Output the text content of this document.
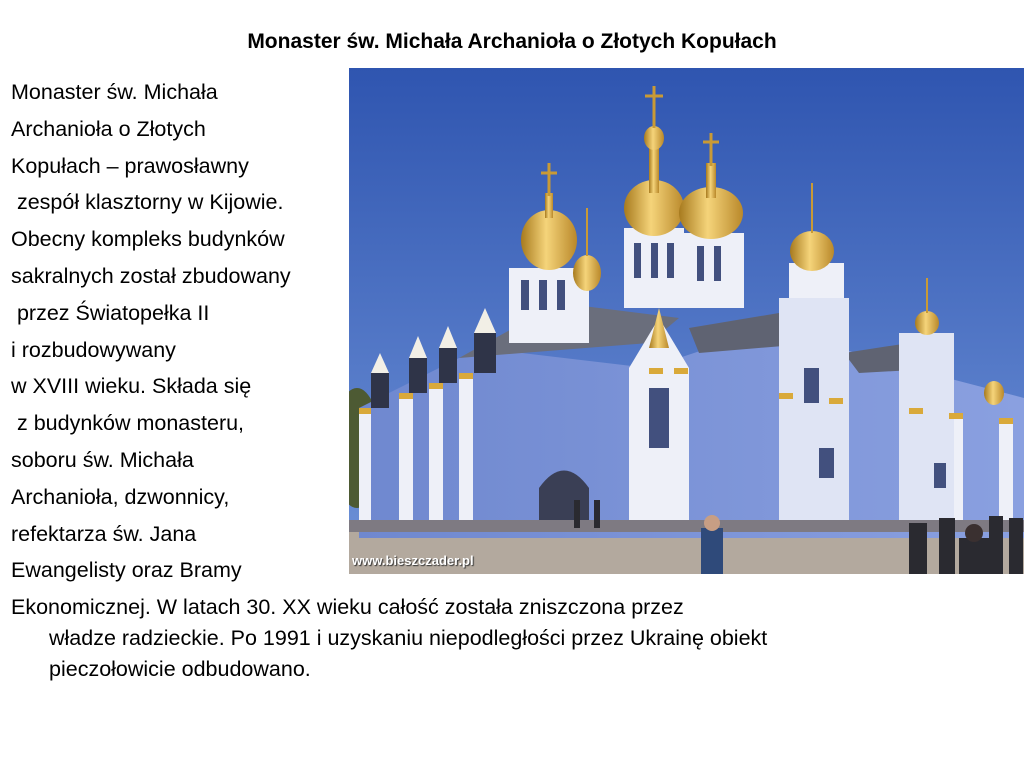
Monaster św. Michała Archanioła o Złotych Kopułach
Monaster św. Michała
Archanioła o Złotych
Kopułach – prawosławny
zespół klasztorny w Kijowie.
Obecny kompleks budynków
sakralnych został zbudowany
przez Światopełka II
i rozbudowywany
w XVIII wieku. Składa się
z budynków monasteru,
soboru św. Michała
Archanioła, dzwonnicy,
refektarza św. Jana
Ewangelisty oraz Bramy	www.bieszczader.pl
Ekonomicznej. W latach 30. XX wieku całość została zniszczona przez
władze radzieckie. Po 1991 i uzyskaniu niepodległości przez Ukrainę obiekt
pieczołowicie odbudowano.
